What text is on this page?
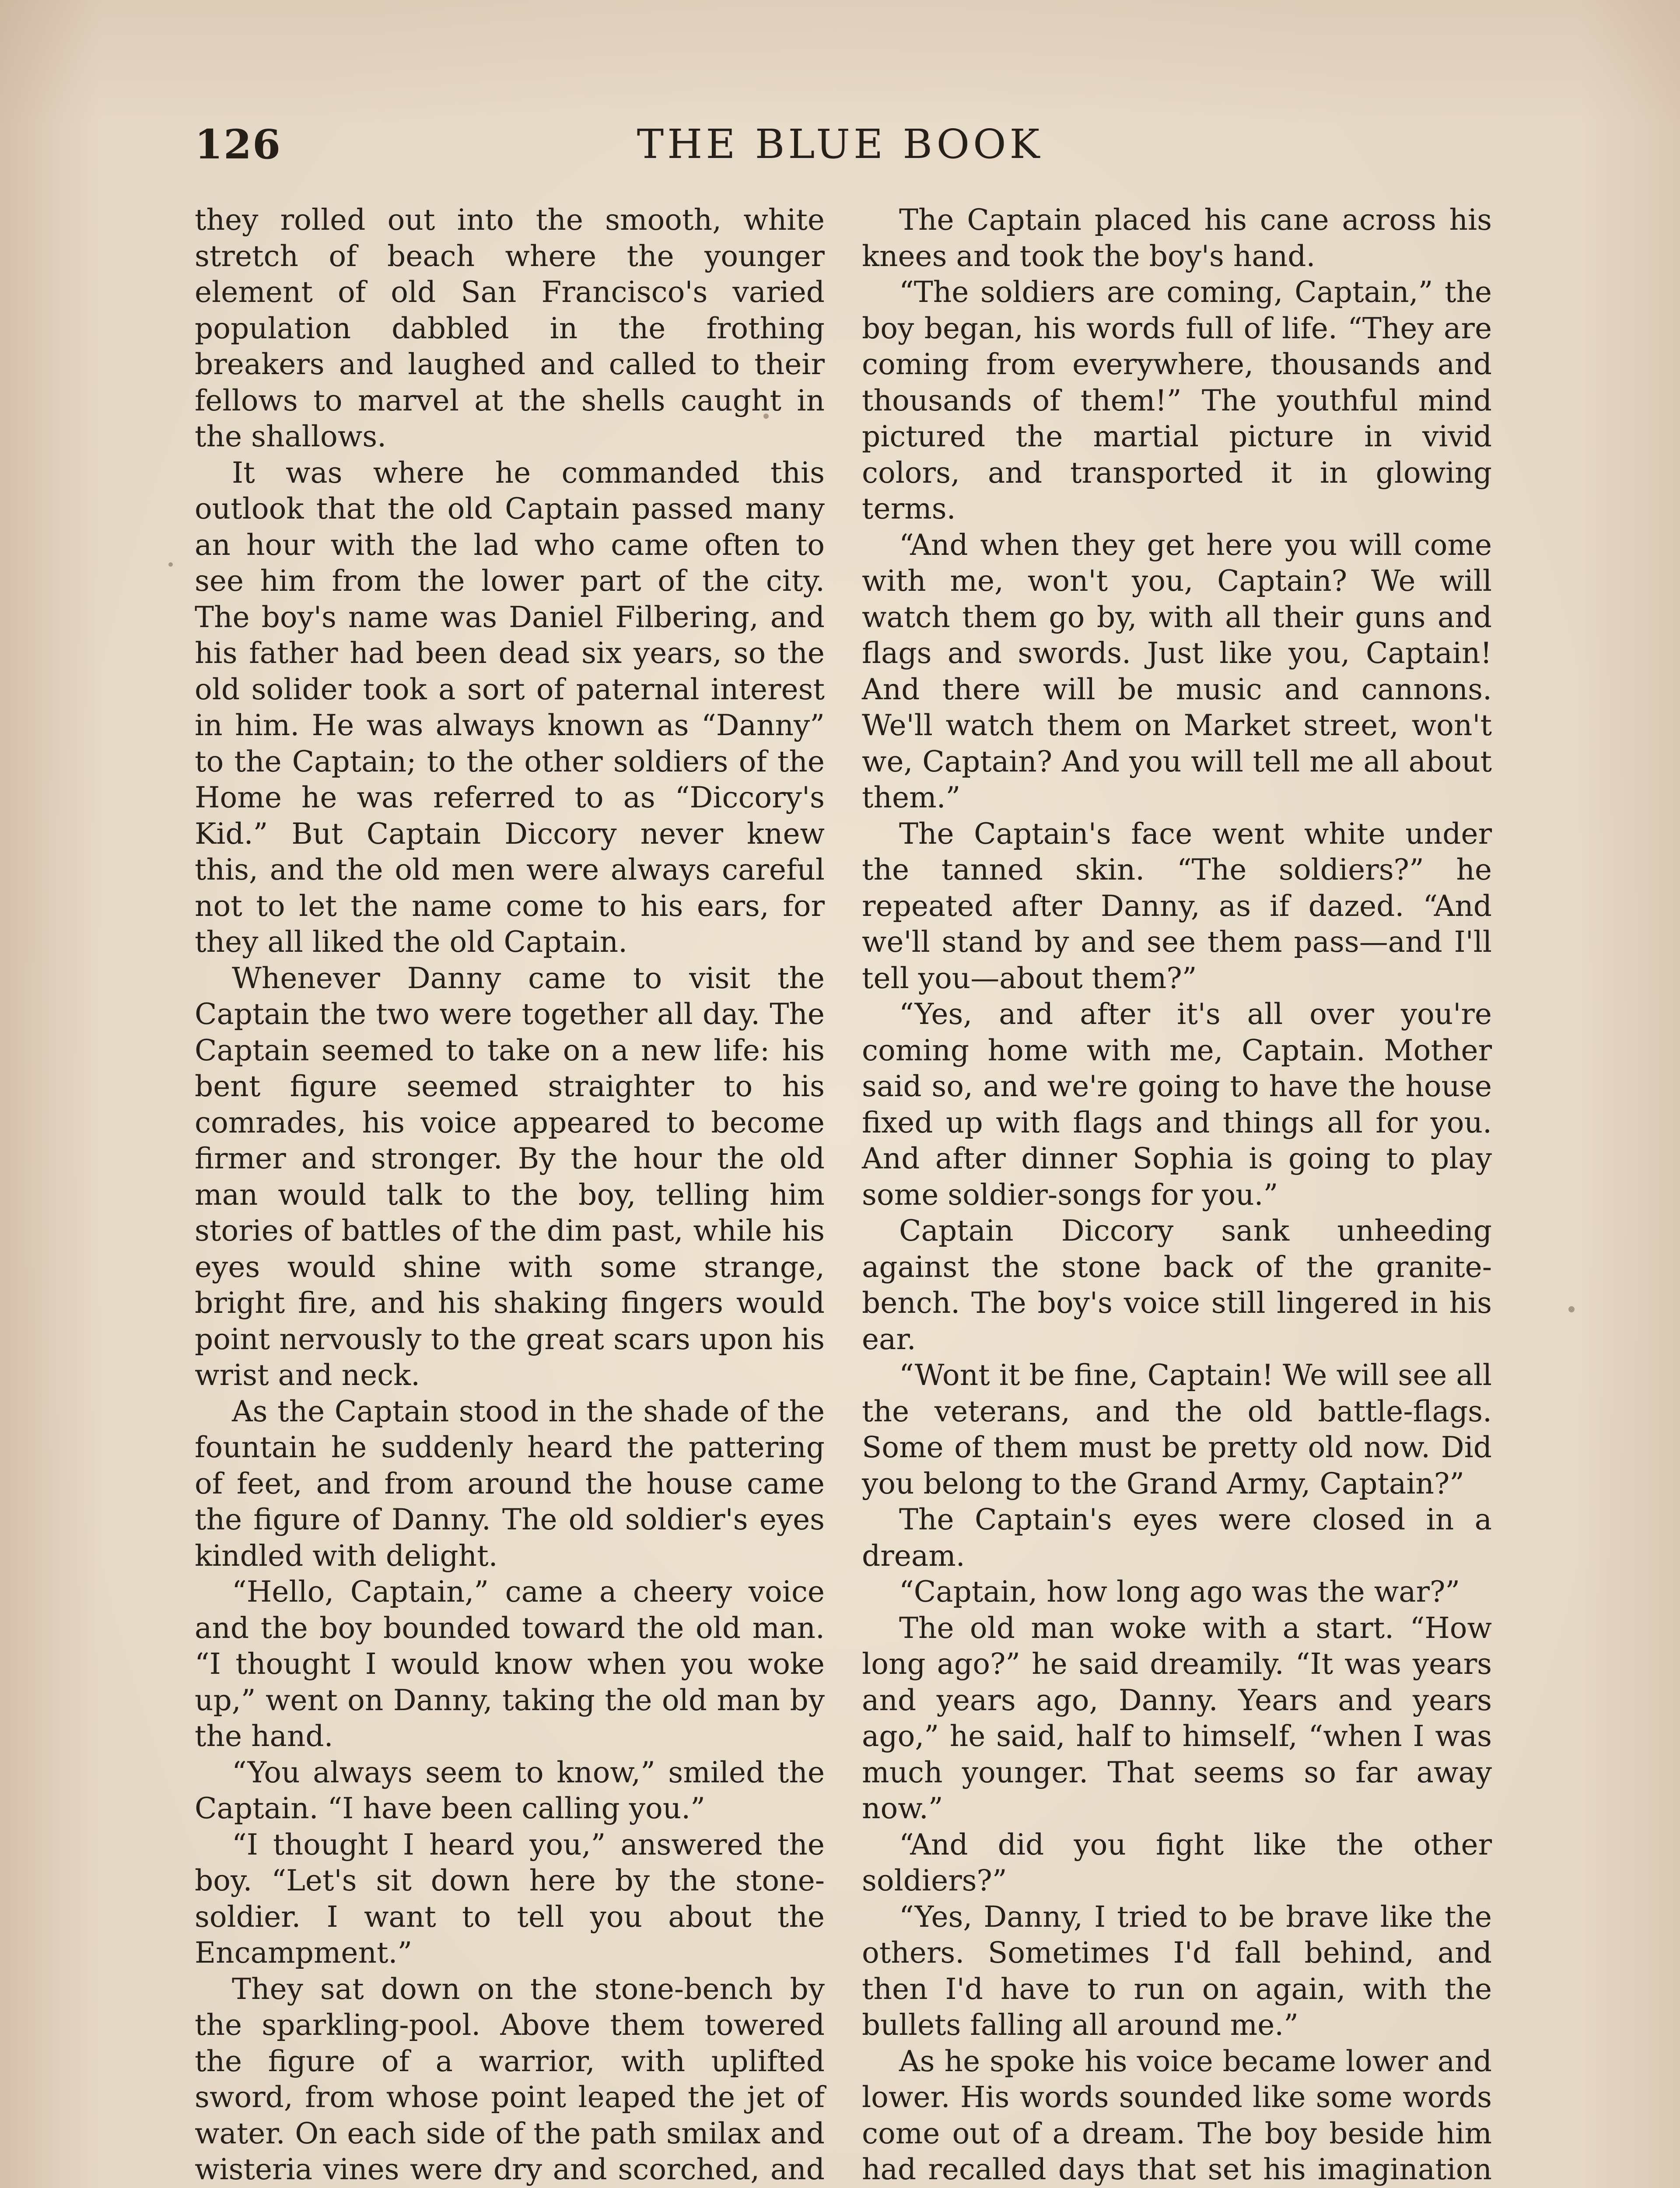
126	THE BLUE BOOK

they rolled out into the smooth, white stretch of beach where the younger element of old San Francisco's varied population dabbled in the frothing breakers and laughed and called to their fellows to marvel at the shells caught in the shallows.

It was where he commanded this outlook that the old Captain passed many an hour with the lad who came often to see him from the lower part of the city. The boy's name was Daniel Filbering, and his father had been dead six years, so the old solider took a sort of paternal interest in him. He was always known as “Danny” to the Captain; to the other soldiers of the Home he was referred to as “Diccory's Kid.” But Captain Diccory never knew this, and the old men were always careful not to let the name come to his ears, for they all liked the old Captain.

Whenever Danny came to visit the Captain the two were together all day. The Captain seemed to take on a new life: his bent figure seemed straighter to his comrades, his voice appeared to become firmer and stronger. By the hour the old man would talk to the boy, telling him stories of battles of the dim past, while his eyes would shine with some strange, bright fire, and his shaking fingers would point nervously to the great scars upon his wrist and neck.

As the Captain stood in the shade of the fountain he suddenly heard the pattering of feet, and from around the house came the figure of Danny. The old soldier's eyes kindled with delight.

“Hello, Captain,” came a cheery voice and the boy bounded toward the old man. “I thought I would know when you woke up,” went on Danny, taking the old man by the hand.

“You always seem to know,” smiled the Captain. “I have been calling you.”

“I thought I heard you,” answered the boy. “Let's sit down here by the stone-soldier. I want to tell you about the Encampment.”

They sat down on the stone-bench by the sparkling-pool. Above them towered the figure of a warrior, with uplifted sword, from whose point leaped the jet of water. On each side of the path smilax and wisteria vines were dry and scorched, and

The Captain placed his cane across his knees and took the boy's hand.

“The soldiers are coming, Captain,” the boy began, his words full of life. “They are coming from everywhere, thousands and thousands of them!” The youthful mind pictured the martial picture in vivid colors, and transported it in glowing terms.

“And when they get here you will come with me, won't you, Captain? We will watch them go by, with all their guns and flags and swords. Just like you, Captain! And there will be music and cannons. We'll watch them on Market street, won't we, Captain? And you will tell me all about them.”

The Captain's face went white under the tanned skin. “The soldiers?” he repeated after Danny, as if dazed. “And we'll stand by and see them pass—and I'll tell you—about them?”

“Yes, and after it's all over you're coming home with me, Captain. Mother said so, and we're going to have the house fixed up with flags and things all for you. And after dinner Sophia is going to play some soldier-songs for you.”

Captain Diccory sank unheeding against the stone back of the granite-bench. The boy's voice still lingered in his ear.

“Wont it be fine, Captain! We will see all the veterans, and the old battle-flags. Some of them must be pretty old now. Did you belong to the Grand Army, Captain?”

The Captain's eyes were closed in a dream.

“Captain, how long ago was the war?”

The old man woke with a start. “How long ago?” he said dreamily. “It was years and years ago, Danny. Years and years ago,” he said, half to himself, “when I was much younger. That seems so far away now.”

“And did you fight like the other soldiers?”

“Yes, Danny, I tried to be brave like the others. Sometimes I'd fall behind, and then I'd have to run on again, with the bullets falling all around me.”

As he spoke his voice became lower and lower. His words sounded like some words come out of a dream. The boy beside him had recalled days that set his imagination
